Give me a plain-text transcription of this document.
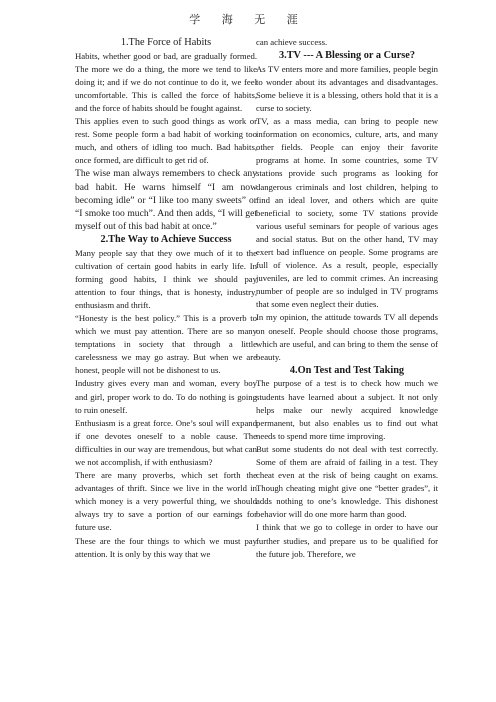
学 海 无 涯

1.The Force of Habits

Habits, whether good or bad, are gradually formed. The more we do a thing, the more we tend to like doing it; and if we do not continue to do it, we feel uncomfortable. This is called the force of habits, and the force of habits should be fought against.

This applies even to such good things as work or rest. Some people form a bad habit of working too much, and others of idling too much. Bad habits, once formed, are difficult to get rid of.

The wise man always remembers to check any bad habit. He warns himself “I am now becoming idle” or “I like too many sweets” or “I smoke too much”. And then adds, “I will get myself out of this bad habit at once.”

2.The Way to Achieve Success

Many people say that they owe much of it to the cultivation of certain good habits in early life. In forming good habits, I think we should pay attention to four things, that is honesty, industry, enthusiasm and thrift.

“Honesty is the best policy.” This is a proverb to which we must pay attention. There are so many temptations in society that through a little carelessness we may go astray. But when we are honest, people will not be dishonest to us.

Industry gives every man and woman, every boy and girl, proper work to do. To do nothing is going to ruin oneself.

Enthusiasm is a great force. One’s soul will expand if one devotes oneself to a noble cause. The difficulties in our way are tremendous, but what can we not accomplish, if with enthusiasm?

There are many proverbs, which set forth the advantages of thrift. Since we live in the world in which money is a very powerful thing, we should always try to save a portion of our earnings for future use.

These are the four things to which we must pay attention. It is only by this way that we

can achieve success.

3.TV --- A Blessing or a Curse?

As TV enters more and more families, people begin to wonder about its advantages and disadvantages. Some believe it is a blessing, others hold that it is a curse to society.

TV, as a mass media, can bring to people new information on economics, culture, arts, and many other fields. People can enjoy their favorite programs at home. In some countries, some TV stations provide such programs as looking for dangerous criminals and lost children, helping to find an ideal lover, and others which are quite beneficial to society, some TV stations provide various useful seminars for people of various ages and social status. But on the other hand, TV may exert bad influence on people. Some programs are full of violence. As a result, people, especially juveniles, are led to commit crimes. An increasing number of people are so indulged in TV programs that some even neglect their duties.

In my opinion, the attitude towards TV all depends on oneself. People should choose those programs, which are useful, and can bring to them the sense of beauty.

4.On Test and Test Taking

The purpose of a test is to check how much we students have learned about a subject. It not only helps make our newly acquired knowledge permanent, but also enables us to find out what needs to spend more time improving.

But some students do not deal with test correctly. Some of them are afraid of failing in a test. They cheat even at the risk of being caught on exams. Though cheating might give one “better grades”, it adds nothing to one’s knowledge. This dishonest behavior will do one more harm than good.

I think that we go to college in order to have our further studies, and prepare us to be qualified for the future job. Therefore, we
